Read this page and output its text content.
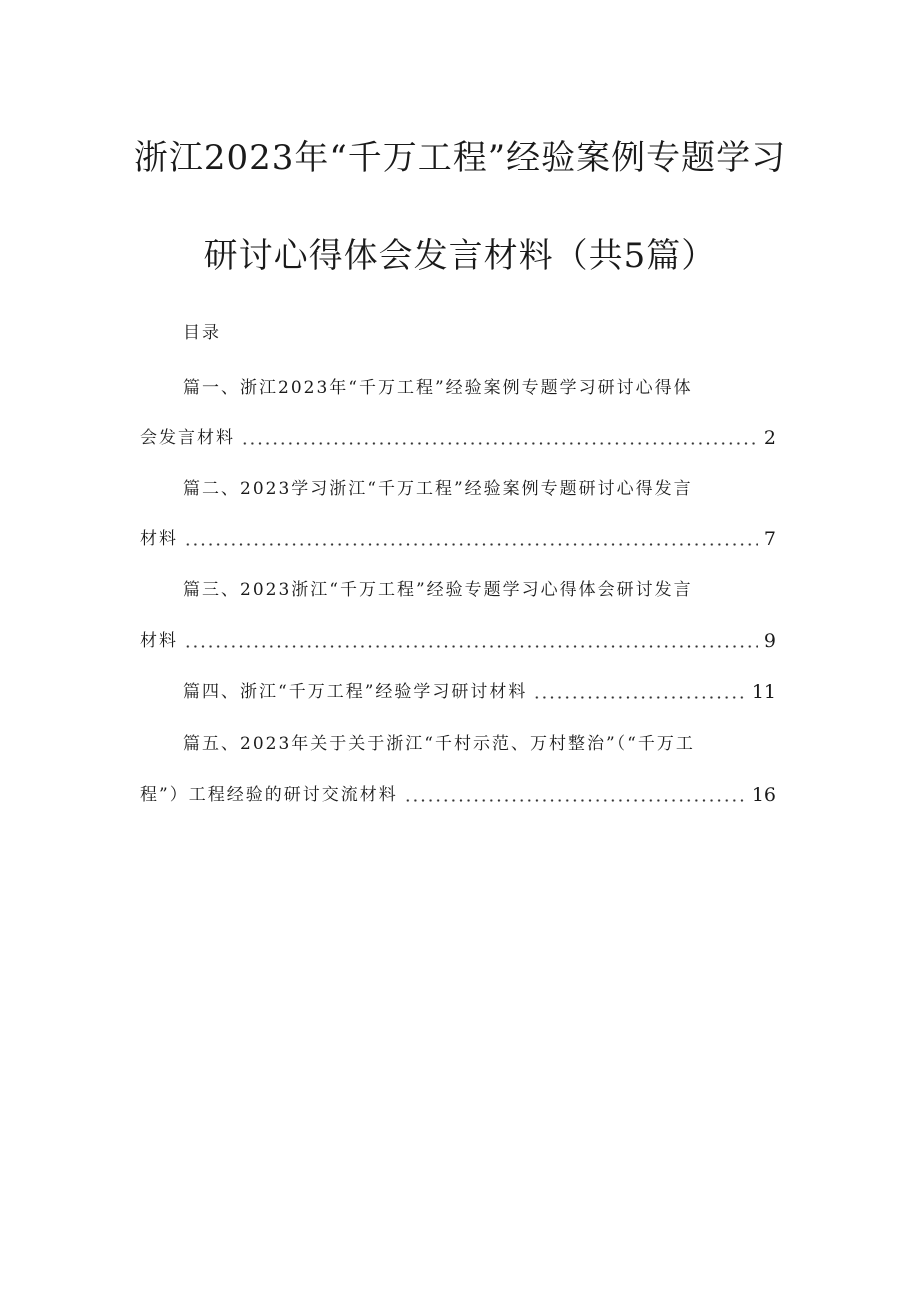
浙江2023年“千万工程”经验案例专题学习
研讨心得体会发言材料（共5篇）
目录
篇一、浙江2023年“千万工程”经验案例专题学习研讨心得体
会发言材料	2
篇二、2023学习浙江“千万工程”经验案例专题研讨心得发言
材料	7
篇三、2023浙江“千万工程”经验专题学习心得体会研讨发言
材料	9
篇四、浙江“千万工程”经验学习研讨材料	11
篇五、2023年关于关于浙江“千村示范、万村整治”（“千万工
程”）工程经验的研讨交流材料	16
